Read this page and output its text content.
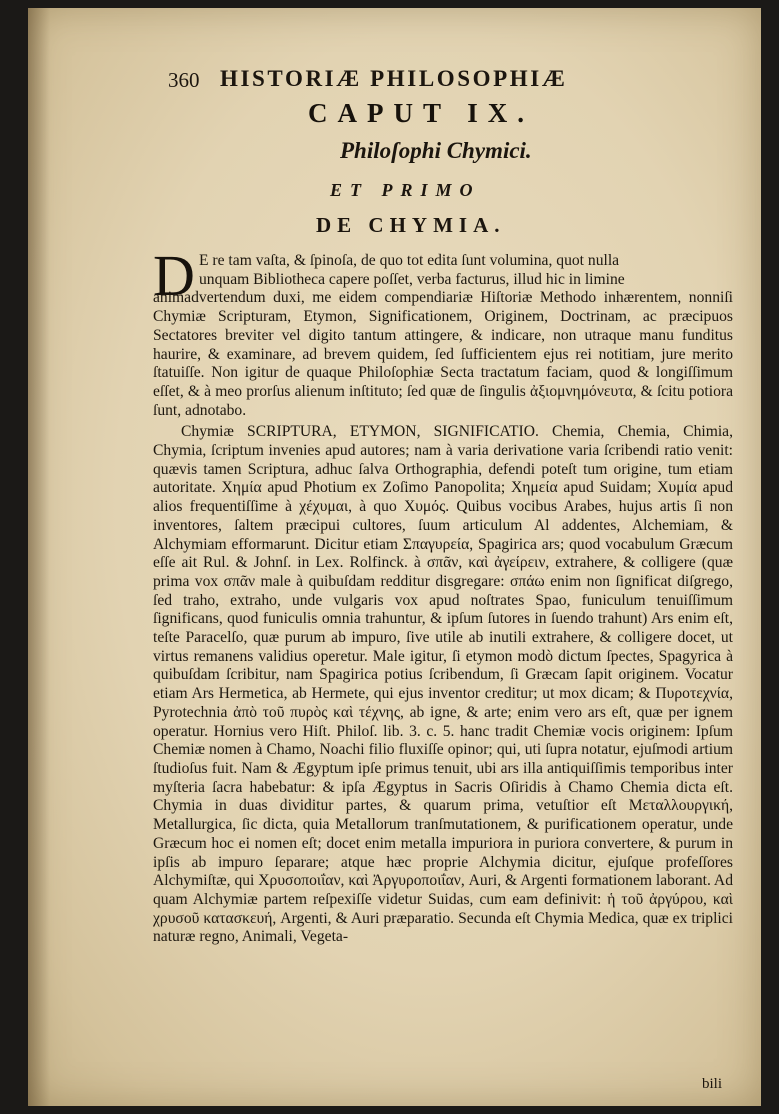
360 HISTORIÆ PHILOSOPHIÆ
CAPUT IX.
Philoſophi Chymici.
ET PRIMO
DE CHYMIA.
D E re tam vaſta, & ſpinoſa, de quo tot edita ſunt volumina, quot nulla
unquam Bibliotheca capere poſſet, verba facturus, illud hic in limine
animadvertendum duxi, me eidem compendiariæ Hiſtoriæ Methodo inhærentem, nonniſi Chymiæ Scripturam, Etymon, Significationem, Originem, Doctrinam, ac præcipuos Sectatores breviter vel digito tantum attingere, & indicare, non utraque manu funditus haurire, & examinare, ad brevem quidem, ſed ſufficientem ejus rei notitiam, jure merito ſtatuiſſe. Non igitur de quaque Philoſophiæ Secta tractatum faciam, quod & longiſſimum eſſet, & à meo prorſus alienum inſtituto; ſed quæ de ſingulis ἀξιομνημόνευτα, & ſcitu potiora ſunt, adnotabo.

Chymiæ SCRIPTURA, ETYMON, SIGNIFICATIO. Chemia, Chemia, Chimia, Chymia, ſcriptum invenies apud autores; nam à varia derivatione varia ſcribendi ratio venit: quævis tamen Scriptura, adhuc ſalva Orthographia, defendi poteſt tum origine, tum etiam autoritate. Χημία apud Photium ex Zoſimo Panopolita; Χημεία apud Suidam; Χυμία apud alios frequentiſſime à χέχυμαι, à quo Χυμός. Quibus vocibus Arabes, hujus artis ſi non inventores, ſaltem præcipui cultores, ſuum articulum Al addentes, Alchemiam, & Alchymiam efformarunt. Dicitur etiam Σπαγυρεία, Spagirica ars; quod vocabulum Græcum eſſe ait Rul. & Johnſ. in Lex. Rolfinck. à σπᾶν, καὶ ἀγείρειν, extrahere, & colligere (quæ prima vox σπᾶν male à quibuſdam redditur disgregare: σπάω enim non ſignificat diſgrego, ſed traho, extraho, unde vulgaris vox apud noſtrates Spao, funiculum tenuiſſimum ſignificans, quod funiculis omnia trahuntur, & ipſum ſutores in ſuendo trahunt) Ars enim eſt, teſte Paracelſo, quæ purum ab impuro, ſive utile ab inutili extrahere, & colligere docet, ut virtus remanens validius operetur. Male igitur, ſi etymon modò dictum ſpectes, Spagyrica à quibuſdam ſcribitur, nam Spagirica potius ſcribendum, ſi Græcam ſapit originem. Vocatur etiam Ars Hermetica, ab Hermete, qui ejus inventor creditur; ut mox dicam; & Πυροτεχνία, Pyrotechnia ἀπὸ τοῦ πυρὸς καὶ τέχνης, ab igne, & arte; enim vero ars eſt, quæ per ignem operatur. Hornius vero Hiſt. Philoſ. lib. 3. c. 5. hanc tradit Chemiæ vocis originem: Ipſum Chemiæ nomen à Chamo, Noachi filio fluxiſſe opinor; qui, uti ſupra notatur, ejuſmodi artium ſtudioſus fuit. Nam & Ægyptum ipſe primus tenuit, ubi ars illa antiquiſſimis temporibus inter myſteria ſacra habebatur: & ipſa Ægyptus in Sacris Oſiridis à Chamo Chemia dicta eſt. Chymia in duas dividitur partes, & quarum prima, vetuſtior eſt Μεταλλουργική, Metallurgica, ſic dicta, quia Metallorum tranſmutationem, & purificationem operatur, unde Græcum hoc ei nomen eſt; docet enim metalla impuriora in puriora convertere, & purum in ipſis ab impuro ſeparare; atque hæc proprie Alchymia dicitur, ejuſque profeſſores Alchymiſtæ, qui Χρυσοποιΐαν, καὶ Ἀργυροποιΐαν, Auri, & Argenti formationem laborant. Ad quam Alchymiæ partem reſpexiſſe videtur Suidas, cum eam definivit: ἡ τοῦ ἀργύρου, καὶ χρυσοῦ κατασκευή, Argenti, & Auri præparatio. Secunda eſt Chymia Medica, quæ ex triplici naturæ regno, Animali, Vegeta-

bili
